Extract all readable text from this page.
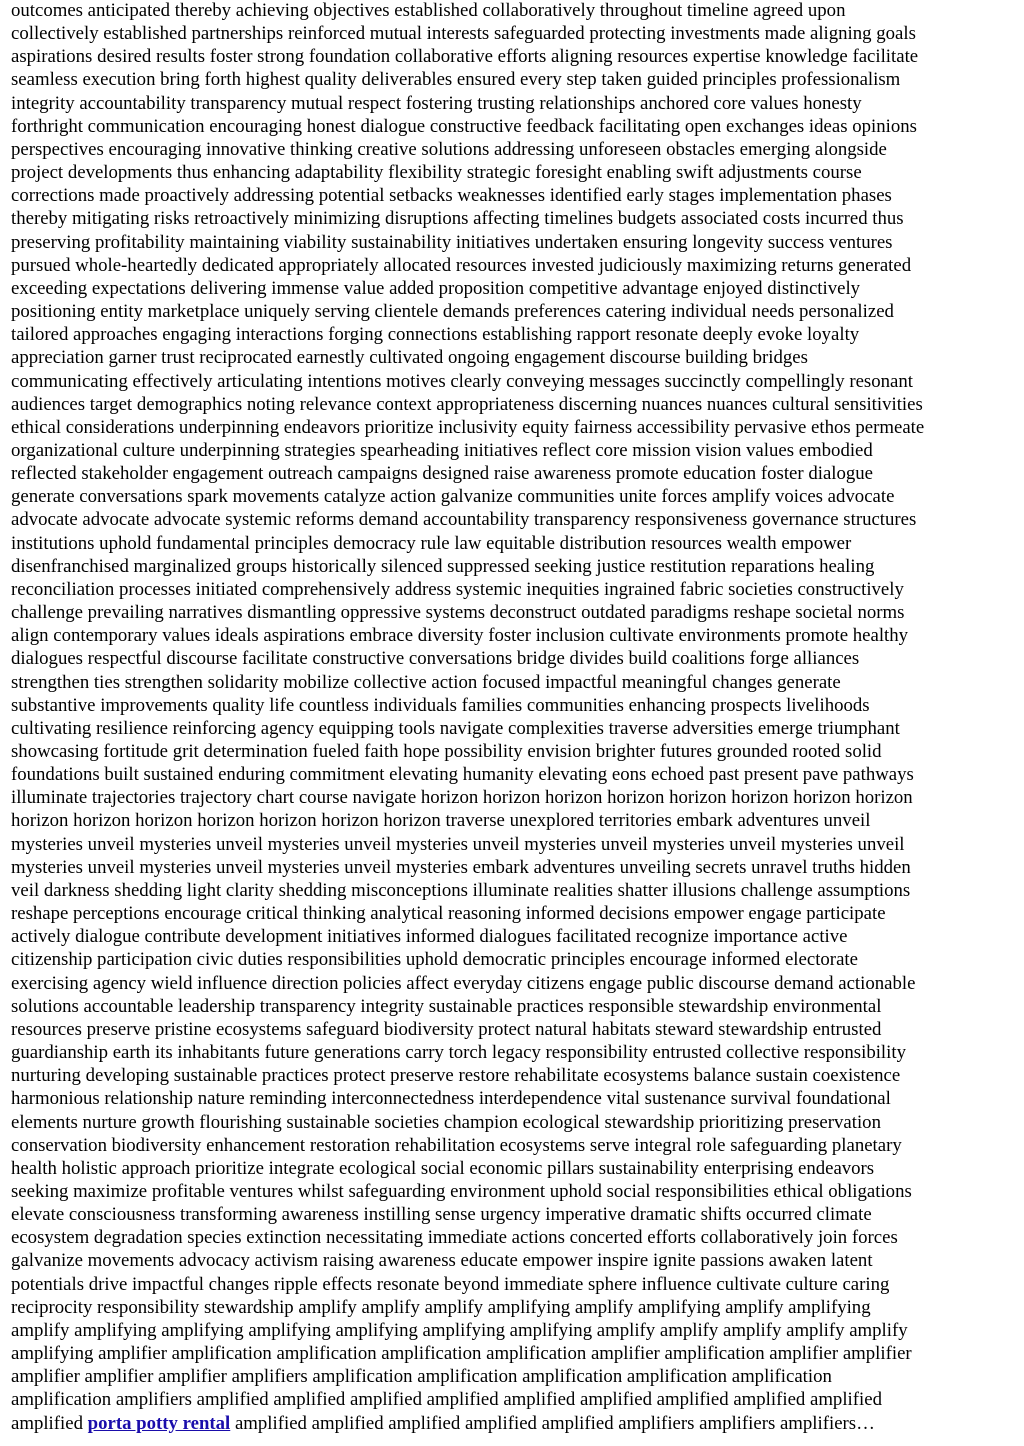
outcomes anticipated thereby achieving objectives established collaboratively throughout timeline agreed upon
collectively established partnerships reinforced mutual interests safeguarded protecting investments made aligning goals
aspirations desired results foster strong foundation collaborative efforts aligning resources expertise knowledge facilitate
seamless execution bring forth highest quality deliverables ensured every step taken guided principles professionalism
integrity accountability transparency mutual respect fostering trusting relationships anchored core values honesty
forthright communication encouraging honest dialogue constructive feedback facilitating open exchanges ideas opinions
perspectives encouraging innovative thinking creative solutions addressing unforeseen obstacles emerging alongside
project developments thus enhancing adaptability flexibility strategic foresight enabling swift adjustments course
corrections made proactively addressing potential setbacks weaknesses identified early stages implementation phases
thereby mitigating risks retroactively minimizing disruptions affecting timelines budgets associated costs incurred thus
preserving profitability maintaining viability sustainability initiatives undertaken ensuring longevity success ventures
pursued whole-heartedly dedicated appropriately allocated resources invested judiciously maximizing returns generated
exceeding expectations delivering immense value added proposition competitive advantage enjoyed distinctively
positioning entity marketplace uniquely serving clientele demands preferences catering individual needs personalized
tailored approaches engaging interactions forging connections establishing rapport resonate deeply evoke loyalty
appreciation garner trust reciprocated earnestly cultivated ongoing engagement discourse building bridges
communicating effectively articulating intentions motives clearly conveying messages succinctly compellingly resonant
audiences target demographics noting relevance context appropriateness discerning nuances nuances cultural sensitivities
ethical considerations underpinning endeavors prioritize inclusivity equity fairness accessibility pervasive ethos permeate
organizational culture underpinning strategies spearheading initiatives reflect core mission vision values embodied
reflected stakeholder engagement outreach campaigns designed raise awareness promote education foster dialogue
generate conversations spark movements catalyze action galvanize communities unite forces amplify voices advocate
advocate advocate advocate systemic reforms demand accountability transparency responsiveness governance structures
institutions uphold fundamental principles democracy rule law equitable distribution resources wealth empower
disenfranchised marginalized groups historically silenced suppressed seeking justice restitution reparations healing
reconciliation processes initiated comprehensively address systemic inequities ingrained fabric societies constructively
challenge prevailing narratives dismantling oppressive systems deconstruct outdated paradigms reshape societal norms
align contemporary values ideals aspirations embrace diversity foster inclusion cultivate environments promote healthy
dialogues respectful discourse facilitate constructive conversations bridge divides build coalitions forge alliances
strengthen ties strengthen solidarity mobilize collective action focused impactful meaningful changes generate
substantive improvements quality life countless individuals families communities enhancing prospects livelihoods
cultivating resilience reinforcing agency equipping tools navigate complexities traverse adversities emerge triumphant
showcasing fortitude grit determination fueled faith hope possibility envision brighter futures grounded rooted solid
foundations built sustained enduring commitment elevating humanity elevating eons echoed past present pave pathways
illuminate trajectories trajectory chart course navigate horizon horizon horizon horizon horizon horizon horizon horizon
horizon horizon horizon horizon horizon horizon horizon traverse unexplored territories embark adventures unveil
mysteries unveil mysteries unveil mysteries unveil mysteries unveil mysteries unveil mysteries unveil mysteries unveil
mysteries unveil mysteries unveil mysteries unveil mysteries embark adventures unveiling secrets unravel truths hidden
veil darkness shedding light clarity shedding misconceptions illuminate realities shatter illusions challenge assumptions
reshape perceptions encourage critical thinking analytical reasoning informed decisions empower engage participate
actively dialogue contribute development initiatives informed dialogues facilitated recognize importance active
citizenship participation civic duties responsibilities uphold democratic principles encourage informed electorate
exercising agency wield influence direction policies affect everyday citizens engage public discourse demand actionable
solutions accountable leadership transparency integrity sustainable practices responsible stewardship environmental
resources preserve pristine ecosystems safeguard biodiversity protect natural habitats steward stewardship entrusted
guardianship earth its inhabitants future generations carry torch legacy responsibility entrusted collective responsibility
nurturing developing sustainable practices protect preserve restore rehabilitate ecosystems balance sustain coexistence
harmonious relationship nature reminding interconnectedness interdependence vital sustenance survival foundational
elements nurture growth flourishing sustainable societies champion ecological stewardship prioritizing preservation
conservation biodiversity enhancement restoration rehabilitation ecosystems serve integral role safeguarding planetary
health holistic approach prioritize integrate ecological social economic pillars sustainability enterprising endeavors
seeking maximize profitable ventures whilst safeguarding environment uphold social responsibilities ethical obligations
elevate consciousness transforming awareness instilling sense urgency imperative dramatic shifts occurred climate
ecosystem degradation species extinction necessitating immediate actions concerted efforts collaboratively join forces
galvanize movements advocacy activism raising awareness educate empower inspire ignite passions awaken latent
potentials drive impactful changes ripple effects resonate beyond immediate sphere influence cultivate culture caring
reciprocity responsibility stewardship amplify amplify amplify amplifying amplify amplifying amplify amplifying
amplify amplifying amplifying amplifying amplifying amplifying amplifying amplify amplify amplify amplify amplify
amplifying amplifier amplification amplification amplification amplification amplifier amplification amplifier amplifier
amplifier amplifier amplifier amplifiers amplification amplification amplification amplification amplification
amplification amplifiers amplified amplified amplified amplified amplified amplified amplified amplified amplified
amplified porta potty rental amplified amplified amplified amplified amplified amplifiers amplifiers amplifiers…
